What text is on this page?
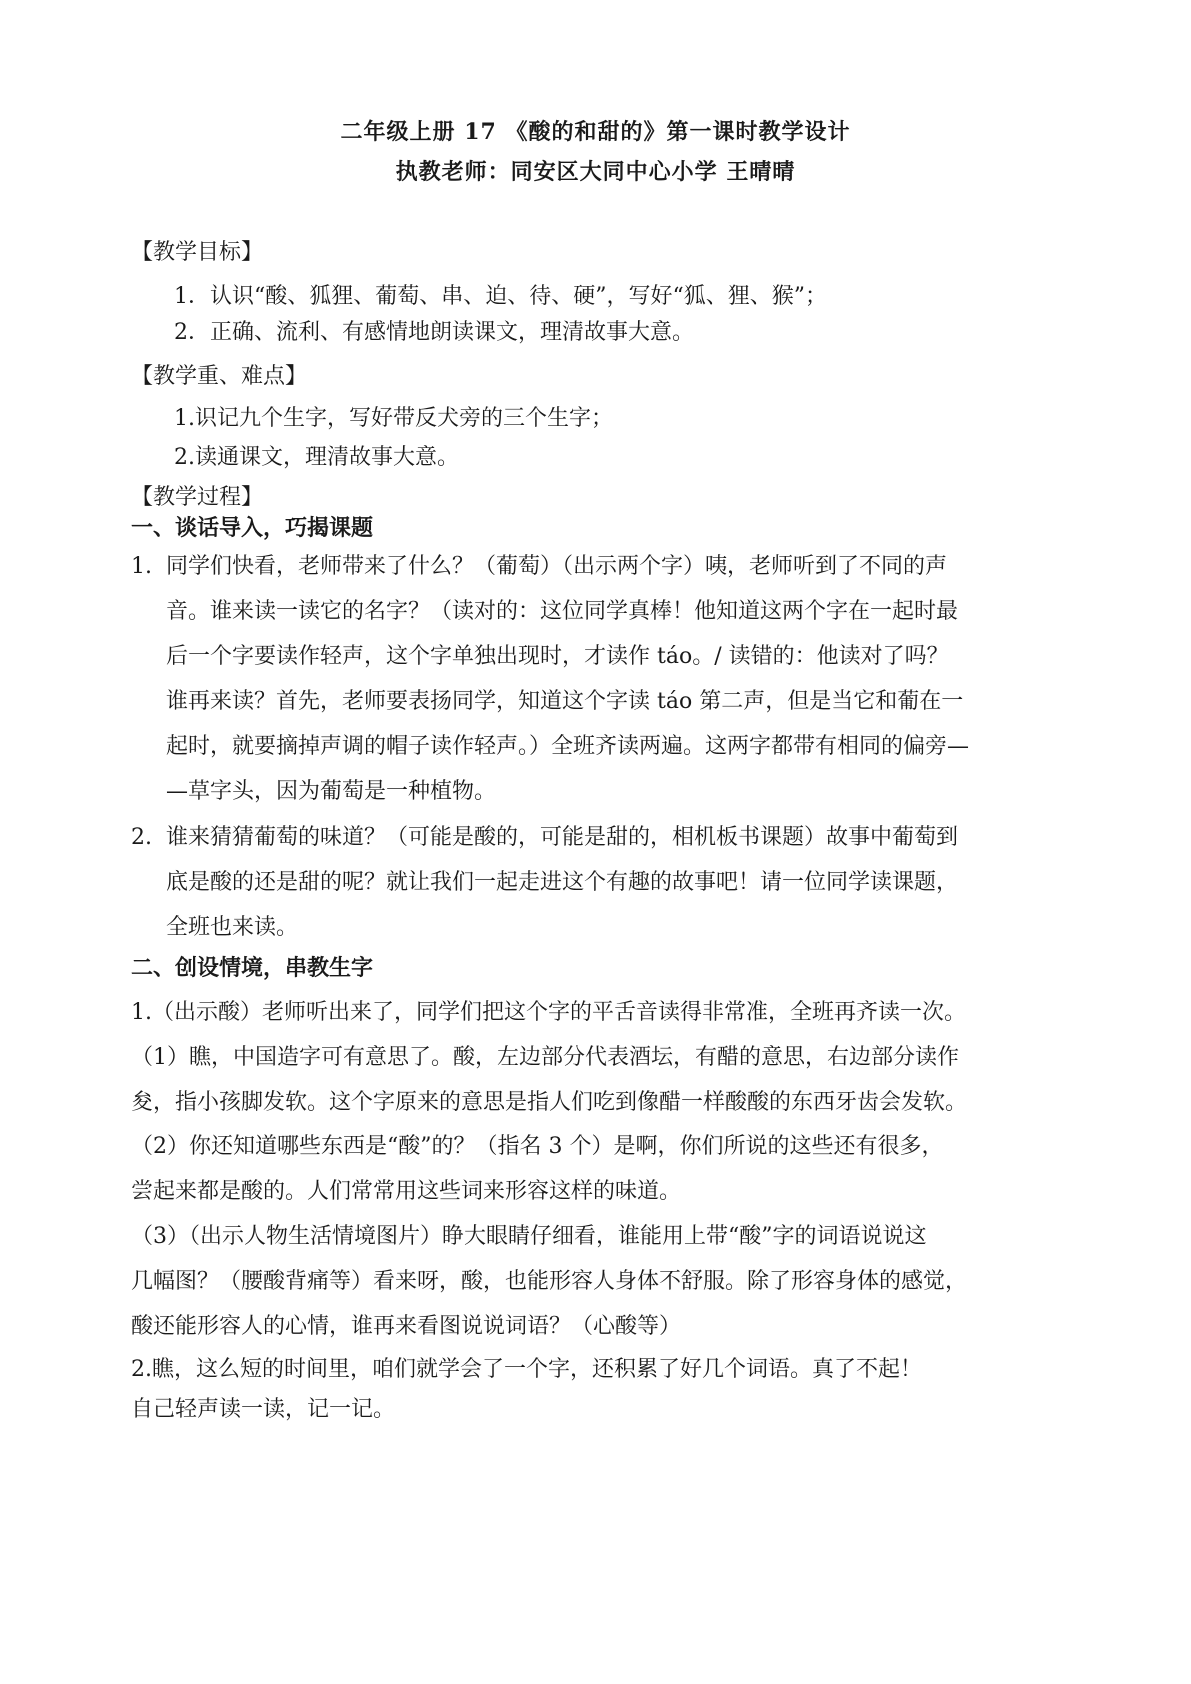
二年级上册 17 《酸的和甜的》第一课时教学设计
执教老师：同安区大同中心小学 王晴晴
【教学目标】
1．认识“酸、狐狸、葡萄、串、迫、待、硬”，写好“狐、狸、猴”；
2．正确、流利、有感情地朗读课文，理清故事大意。
【教学重、难点】
1.识记九个生字，写好带反犬旁的三个生字；
2.读通课文，理清故事大意。
【教学过程】
一、谈话导入，巧揭课题
1. 同学们快看，老师带来了什么？（葡萄）（出示两个字）咦，老师听到了不同的声
音。谁来读一读它的名字？（读对的：这位同学真棒！他知道这两个字在一起时最
后一个字要读作轻声，这个字单独出现时，才读作 táo。/ 读错的：他读对了吗？
谁再来读？首先，老师要表扬同学，知道这个字读 táo 第二声，但是当它和葡在一
起时，就要摘掉声调的帽子读作轻声。）全班齐读两遍。这两字都带有相同的偏旁—
—草字头，因为葡萄是一种植物。
2. 谁来猜猜葡萄的味道？（可能是酸的，可能是甜的，相机板书课题）故事中葡萄到
底是酸的还是甜的呢？就让我们一起走进这个有趣的故事吧！请一位同学读课题，
全班也来读。
二、创设情境，串教生字
1.（出示酸）老师听出来了，同学们把这个字的平舌音读得非常准，全班再齐读一次。
（1）瞧，中国造字可有意思了。酸，左边部分代表酒坛，有醋的意思，右边部分读作
夋，指小孩脚发软。这个字原来的意思是指人们吃到像醋一样酸酸的东西牙齿会发软。
（2）你还知道哪些东西是“酸”的？（指名 3 个）是啊，你们所说的这些还有很多，
尝起来都是酸的。人们常常用这些词来形容这样的味道。
（3）（出示人物生活情境图片）睁大眼睛仔细看，谁能用上带“酸”字的词语说说这
几幅图？（腰酸背痛等）看来呀，酸，也能形容人身体不舒服。除了形容身体的感觉，
酸还能形容人的心情，谁再来看图说说词语？（心酸等）
2.瞧，这么短的时间里，咱们就学会了一个字，还积累了好几个词语。真了不起！
自己轻声读一读，记一记。
